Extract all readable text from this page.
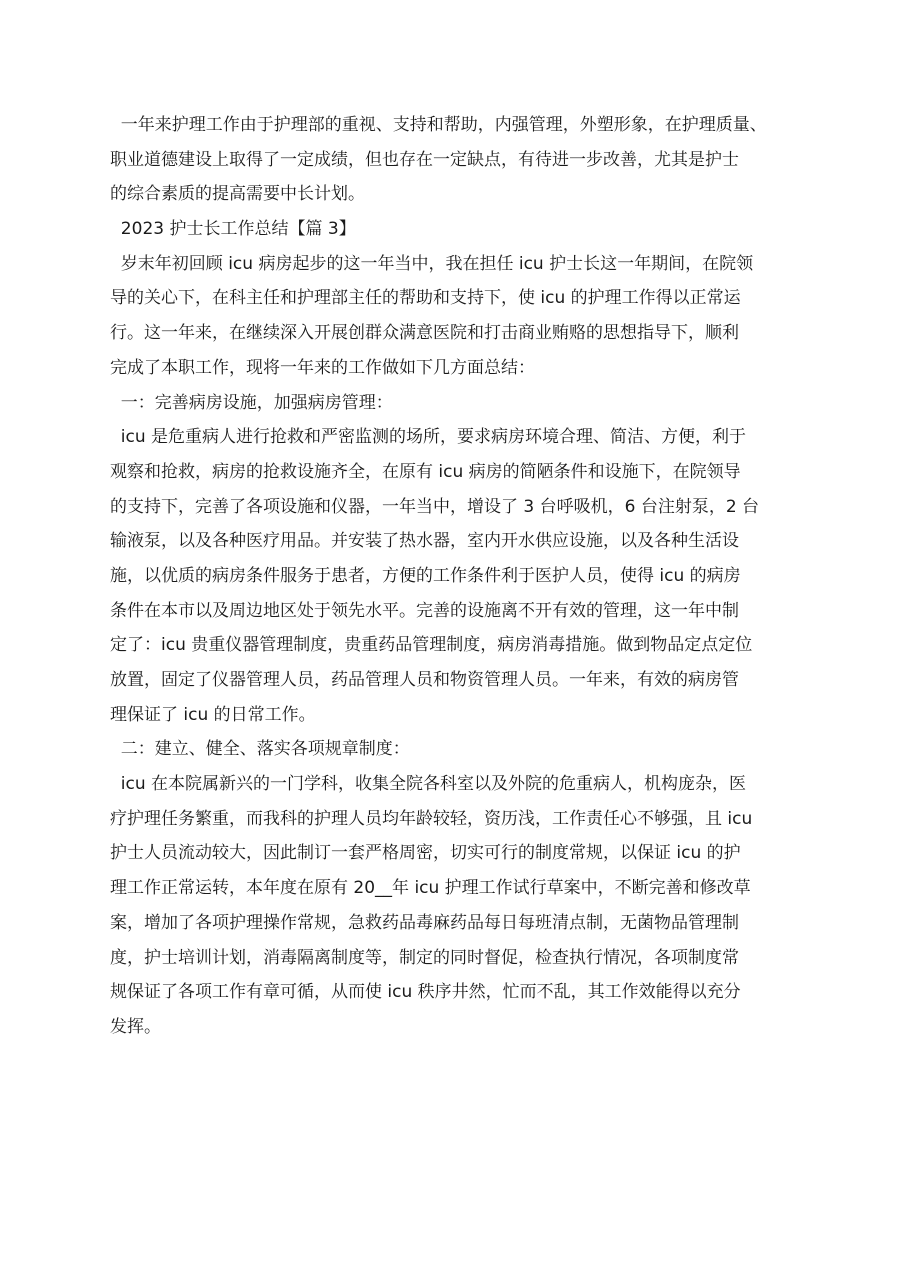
一年来护理工作由于护理部的重视、支持和帮助，内强管理，外塑形象，在护理质量、
职业道德建设上取得了一定成绩，但也存在一定缺点，有待进一步改善，尤其是护士
的综合素质的提高需要中长计划。
2023 护士长工作总结【篇 3】
岁末年初回顾 icu 病房起步的这一年当中，我在担任 icu 护士长这一年期间，在院领
导的关心下，在科主任和护理部主任的帮助和支持下，使 icu 的护理工作得以正常运
行。这一年来，在继续深入开展创群众满意医院和打击商业贿赂的思想指导下，顺利
完成了本职工作，现将一年来的工作做如下几方面总结：
一：完善病房设施，加强病房管理：
icu 是危重病人进行抢救和严密监测的场所，要求病房环境合理、简洁、方便，利于
观察和抢救，病房的抢救设施齐全，在原有 icu 病房的简陋条件和设施下，在院领导
的支持下，完善了各项设施和仪器，一年当中，增设了 3 台呼吸机，6 台注射泵，2 台
输液泵，以及各种医疗用品。并安装了热水器，室内开水供应设施，以及各种生活设
施，以优质的病房条件服务于患者，方便的工作条件利于医护人员，使得 icu 的病房
条件在本市以及周边地区处于领先水平。完善的设施离不开有效的管理，这一年中制
定了：icu 贵重仪器管理制度，贵重药品管理制度，病房消毒措施。做到物品定点定位
放置，固定了仪器管理人员，药品管理人员和物资管理人员。一年来，有效的病房管
理保证了 icu 的日常工作。
二：建立、健全、落实各项规章制度：
icu 在本院属新兴的一门学科，收集全院各科室以及外院的危重病人，机构庞杂，医
疗护理任务繁重，而我科的护理人员均年龄较轻，资历浅，工作责任心不够强，且 icu
护士人员流动较大，因此制订一套严格周密，切实可行的制度常规，以保证 icu 的护
理工作正常运转，本年度在原有 20__年 icu 护理工作试行草案中，不断完善和修改草
案，增加了各项护理操作常规，急救药品毒麻药品每日每班清点制，无菌物品管理制
度，护士培训计划，消毒隔离制度等，制定的同时督促，检查执行情况，各项制度常
规保证了各项工作有章可循，从而使 icu 秩序井然，忙而不乱，其工作效能得以充分
发挥。
